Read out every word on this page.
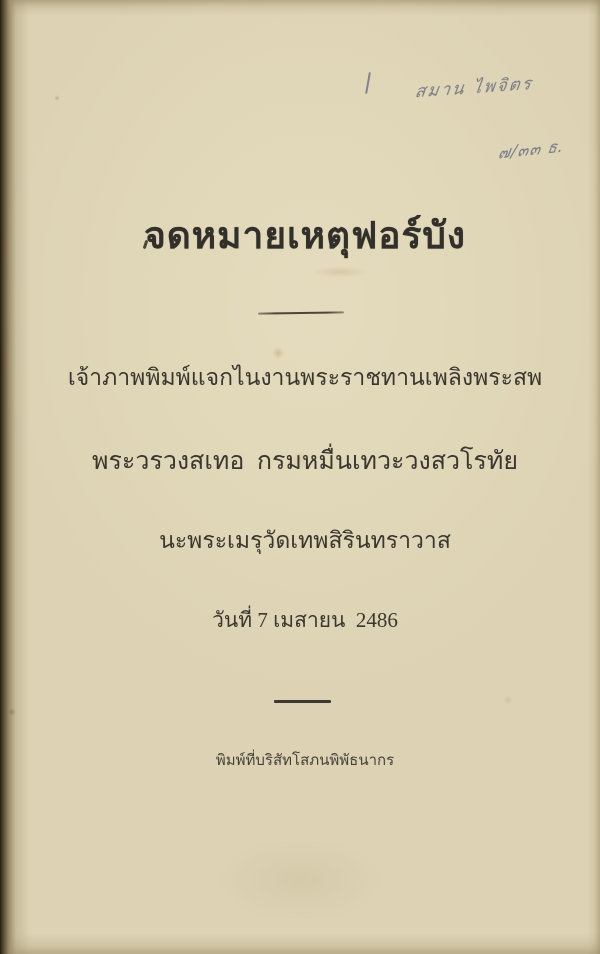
สมาน ไพจิตร
๗/๓๓ ธ.
จดหมายเหตุฟอร์บัง
เจ้าภาพพิมพ์แจกไนงานพระราชทานเพลิงพระสพ
พระวรวงสเทอ  กรมหมื่นเทวะวงสวโรทัย
นะพระเมรุวัดเทพสิรินทราวาส
วันที่ 7 เมสายน  2486
พิมพ์ที่บริสัทโสภนพิพัธนากร
